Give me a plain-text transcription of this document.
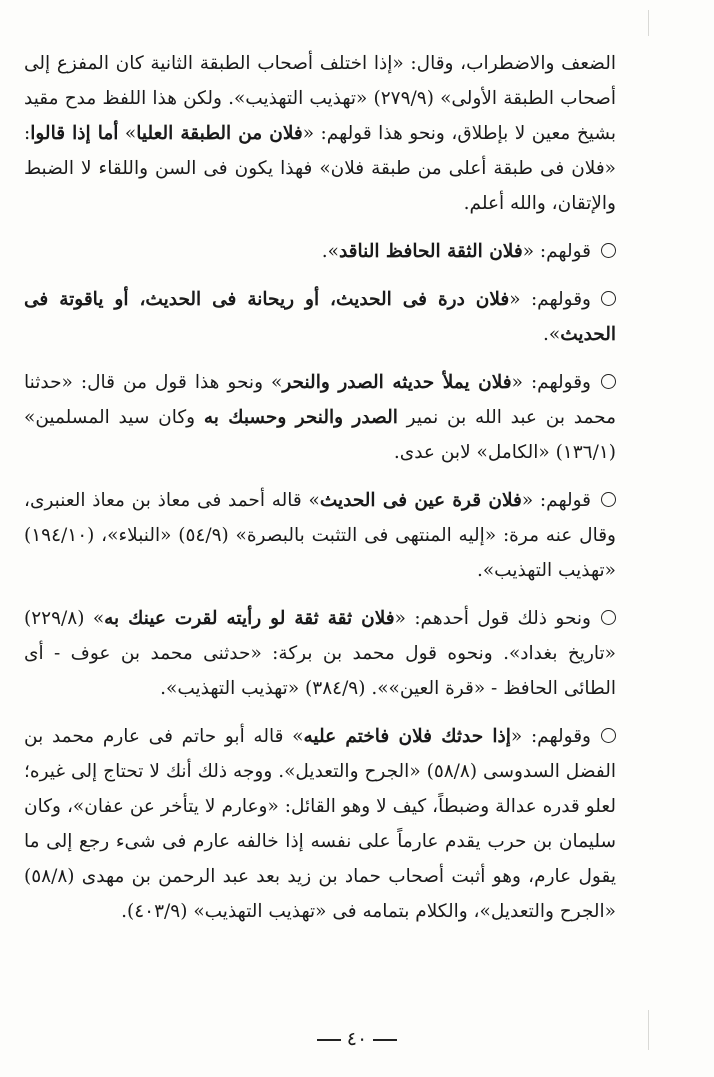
الضعف والاضطراب، وقال: «إذا اختلف أصحاب الطبقة الثانية كان المفزع إلى أصحاب الطبقة الأولى» (٢٧٩/٩) «تهذيب التهذيب». ولكن هذا اللفظ مدح مقيد بشيخ معين لا بإطلاق، ونحو هذا قولهم: «فلان من الطبقة العليا» أما إذا قالوا: «فلان فى طبقة أعلى من طبقة فلان» فهذا يكون فى السن واللقاء لا الضبط والإتقان، والله أعلم.

قولهم: «فلان الثقة الحافظ الناقد».

وقولهم: «فلان درة فى الحديث، أو ريحانة فى الحديث، أو ياقوتة فى الحديث».

وقولهم: «فلان يملأ حديثه الصدر والنحر» ونحو هذا قول من قال: «حدثنا محمد بن عبد الله بن نمير الصدر والنحر وحسبك به وكان سيد المسلمين» (١٣٦/١) «الكامل» لابن عدى.

قولهم: «فلان قرة عين فى الحديث» قاله أحمد فى معاذ بن معاذ العنبرى، وقال عنه مرة: «إليه المنتهى فى التثبت بالبصرة» (٥٤/٩) «النبلاء»، (١٩٤/١٠) «تهذيب التهذيب».

ونحو ذلك قول أحدهم: «فلان ثقة ثقة لو رأيته لقرت عينك به» (٢٢٩/٨) «تاريخ بغداد». ونحوه قول محمد بن بركة: «حدثنى محمد بن عوف - أى الطائى الحافظ - «قرة العين»». (٣٨٤/٩) «تهذيب التهذيب».

وقولهم: «إذا حدثك فلان فاختم عليه» قاله أبو حاتم فى عارم محمد بن الفضل السدوسى (٥٨/٨) «الجرح والتعديل». ووجه ذلك أنك لا تحتاج إلى غيره؛ لعلو قدره عدالة وضبطاً، كيف لا وهو القائل: «وعارم لا يتأخر عن عفان»، وكان سليمان بن حرب يقدم عارماً على نفسه إذا خالفه عارم فى شىء رجع إلى ما يقول عارم، وهو أثبت أصحاب حماد بن زيد بعد عبد الرحمن بن مهدى (٥٨/٨) «الجرح والتعديل»، والكلام بتمامه فى «تهذيب التهذيب» (٤٠٣/٩).

٤٠
